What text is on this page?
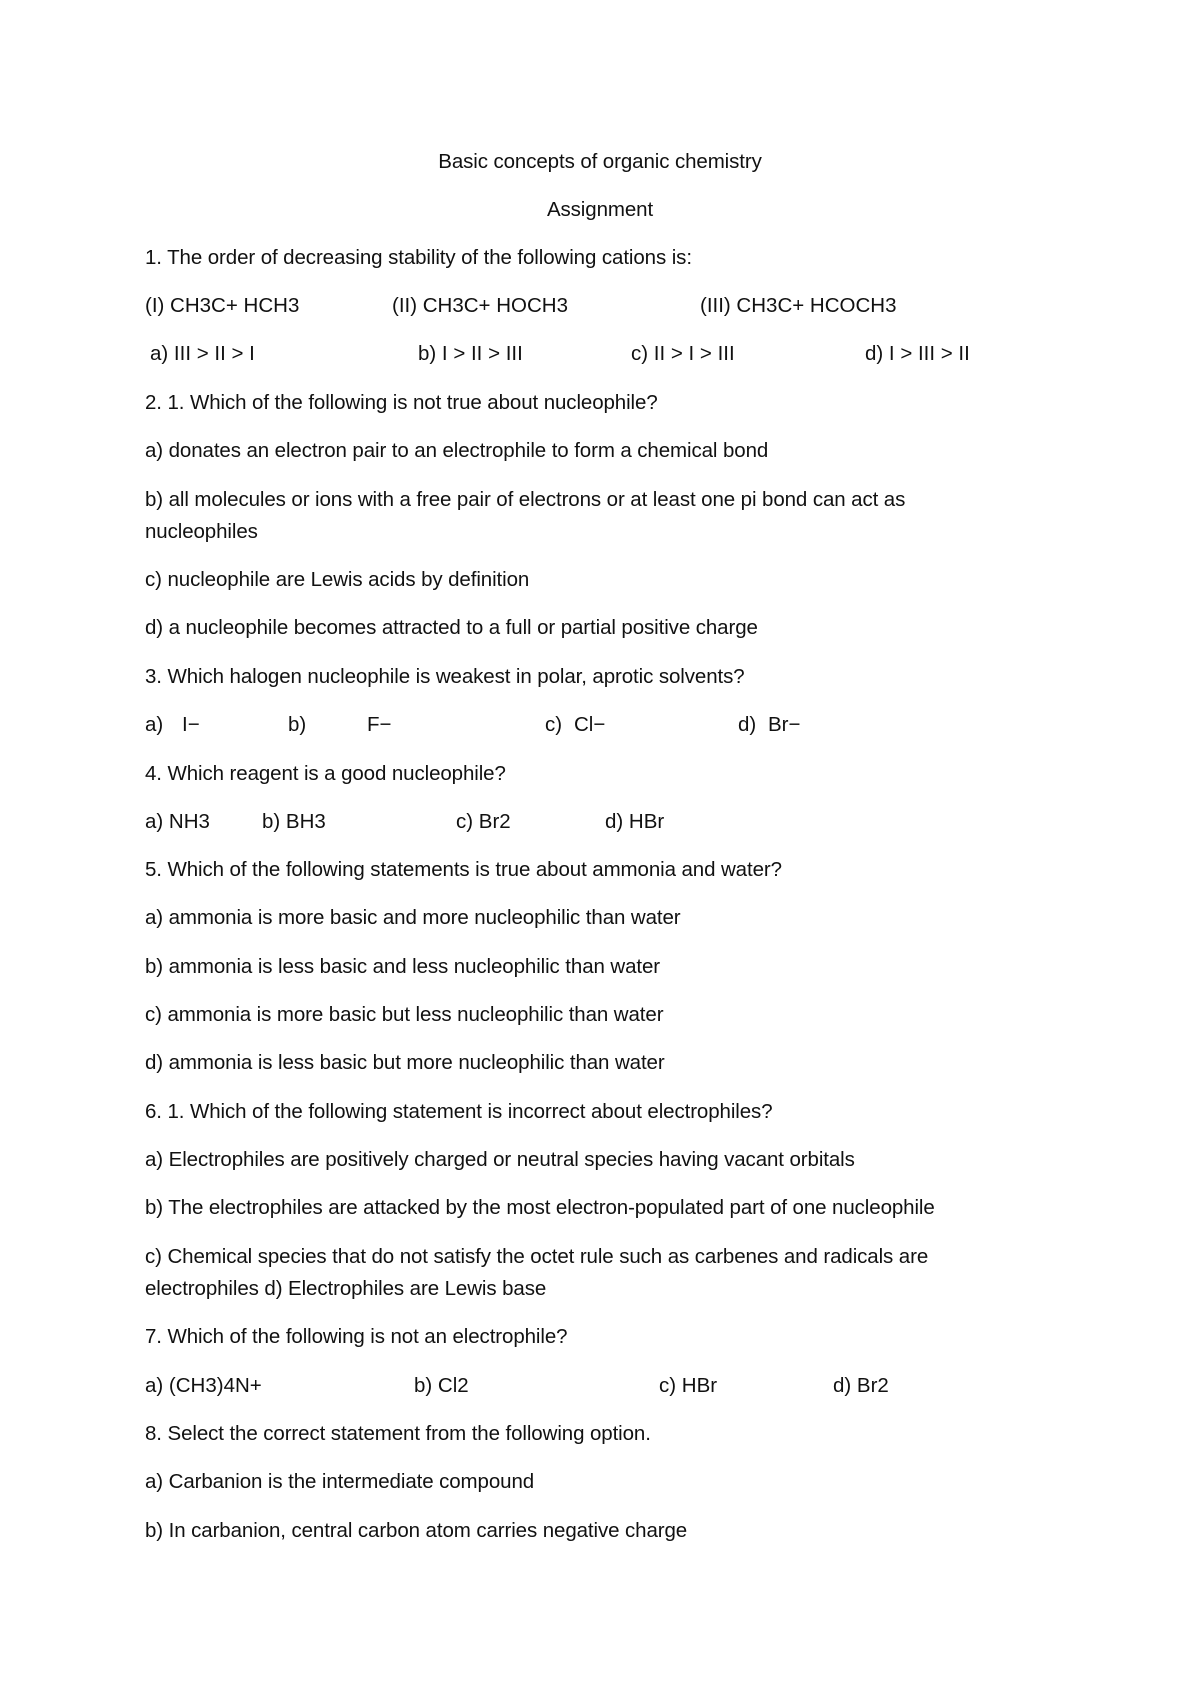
Basic concepts of organic chemistry
Assignment
1. The order of decreasing stability of the following cations is:
(I) CH3C+ HCH3	(II) CH3C+ HOCH3	(III) CH3C+ HCOCH3
a) III > II > I	b) I > II > III	c) II > I > III	d) I > III > II
2. 1. Which of the following is not true about nucleophile?
a) donates an electron pair to an electrophile to form a chemical bond
b) all molecules or ions with a free pair of electrons or at least one pi bond can act as
nucleophiles
c) nucleophile are Lewis acids by definition
d) a nucleophile becomes attracted to a full or partial positive charge
3. Which halogen nucleophile is weakest in polar, aprotic solvents?
a) I−	b)	F−	c) Cl−	d) Br−
4. Which reagent is a good nucleophile?
a) NH3	b) BH3	c) Br2	d) HBr
5. Which of the following statements is true about ammonia and water?
a) ammonia is more basic and more nucleophilic than water
b) ammonia is less basic and less nucleophilic than water
c) ammonia is more basic but less nucleophilic than water
d) ammonia is less basic but more nucleophilic than water
6. 1. Which of the following statement is incorrect about electrophiles?
a) Electrophiles are positively charged or neutral species having vacant orbitals
b) The electrophiles are attacked by the most electron-populated part of one nucleophile
c) Chemical species that do not satisfy the octet rule such as carbenes and radicals are
electrophiles d) Electrophiles are Lewis base
7. Which of the following is not an electrophile?
a) (CH3)4N+	b) Cl2	c) HBr	d) Br2
8. Select the correct statement from the following option.
a) Carbanion is the intermediate compound
b) In carbanion, central carbon atom carries negative charge
